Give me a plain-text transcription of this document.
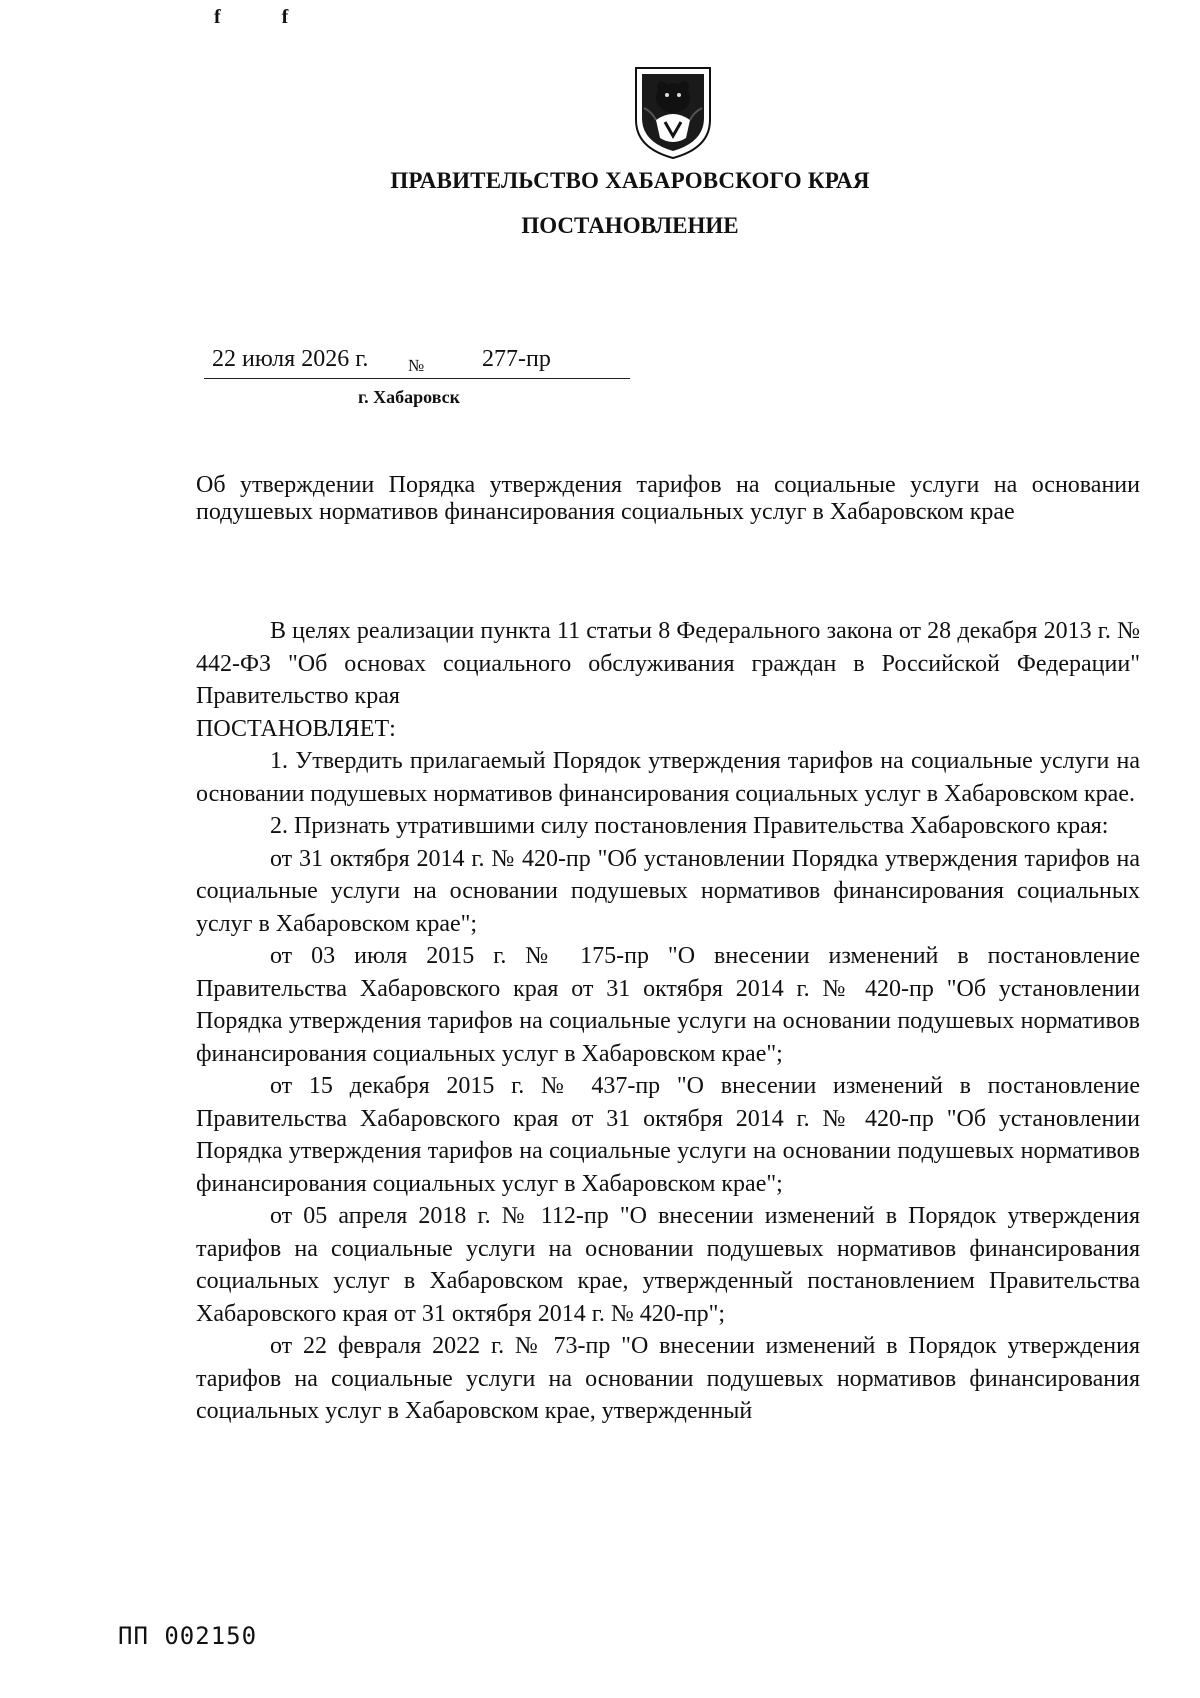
f f
ПРАВИТЕЛЬСТВО ХАБАРОВСКОГО КРАЯ
ПОСТАНОВЛЕНИЕ
22 июля 2026 г. № 277-пр
г. Хабаровск
Об утверждении Порядка утверждения тарифов на социальные услуги на основании подушевых нормативов финансирования социальных услуг в Хабаровском крае

В целях реализации пункта 11 статьи 8 Федерального закона от 28 декабря 2013 г. № 442-ФЗ "Об основах социального обслуживания граждан в Российской Федерации" Правительство края

ПОСТАНОВЛЯЕТ:

1. Утвердить прилагаемый Порядок утверждения тарифов на социальные услуги на основании подушевых нормативов финансирования социальных услуг в Хабаровском крае.

2. Признать утратившими силу постановления Правительства Хабаровского края:

от 31 октября 2014 г. № 420-пр "Об установлении Порядка утверждения тарифов на социальные услуги на основании подушевых нормативов финансирования социальных услуг в Хабаровском крае";

от 03 июля 2015 г. № 175-пр "О внесении изменений в постановление Правительства Хабаровского края от 31 октября 2014 г. № 420-пр "Об установлении Порядка утверждения тарифов на социальные услуги на основании подушевых нормативов финансирования социальных услуг в Хабаровском крае";

от 15 декабря 2015 г. № 437-пр "О внесении изменений в постановление Правительства Хабаровского края от 31 октября 2014 г. № 420-пр "Об установлении Порядка утверждения тарифов на социальные услуги на основании подушевых нормативов финансирования социальных услуг в Хабаровском крае";

от 05 апреля 2018 г. № 112-пр "О внесении изменений в Порядок утверждения тарифов на социальные услуги на основании подушевых нормативов финансирования социальных услуг в Хабаровском крае, утвержденный постановлением Правительства Хабаровского края от 31 октября 2014 г. № 420-пр";

от 22 февраля 2022 г. № 73-пр "О внесении изменений в Порядок утверждения тарифов на социальные услуги на основании подушевых нормативов финансирования социальных услуг в Хабаровском крае, утвержденный

ПП 002150
